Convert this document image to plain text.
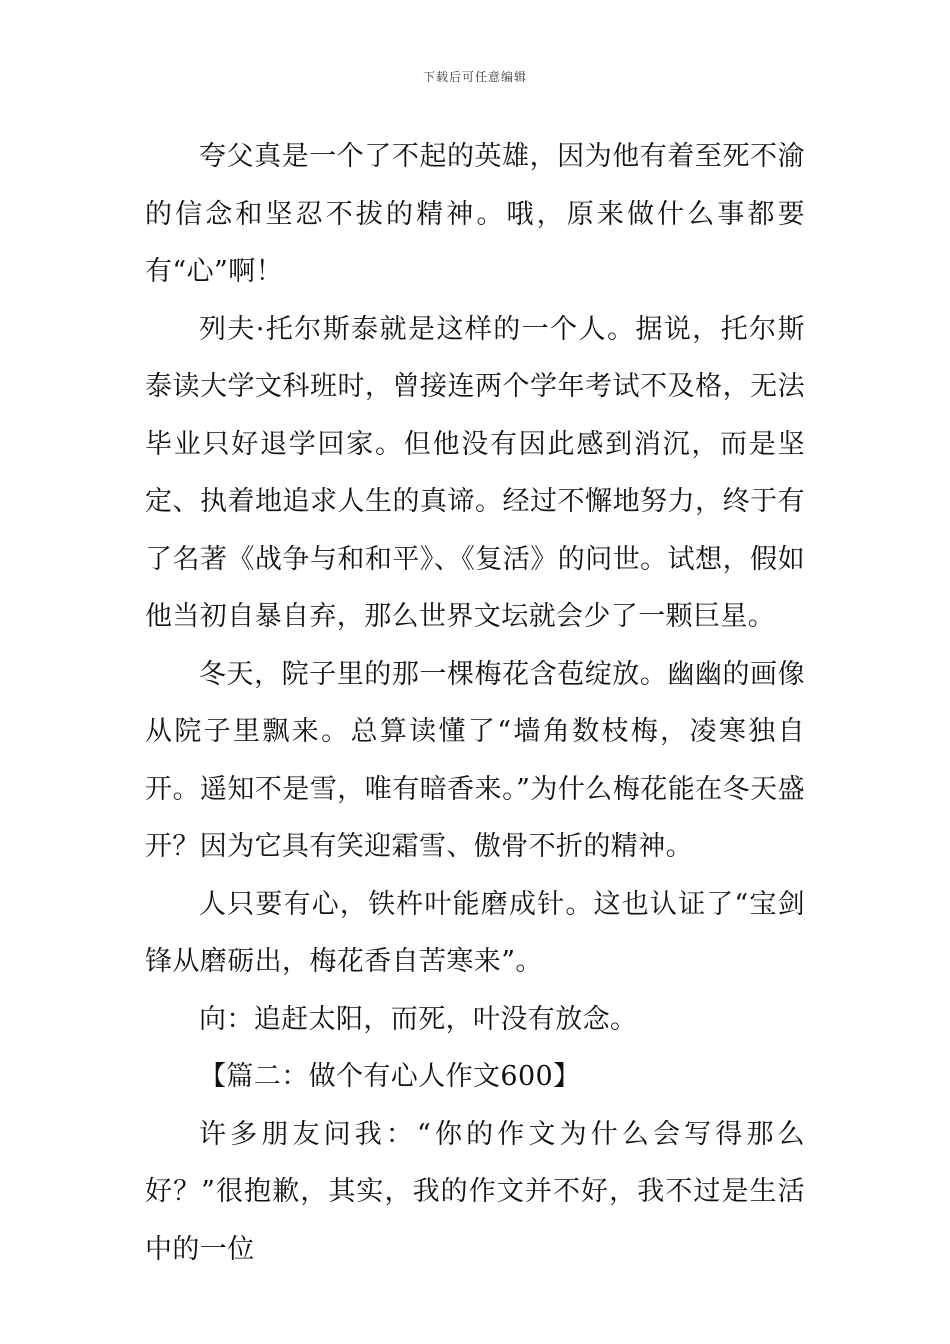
下载后可任意编辑

夸父真是一个了不起的英雄，因为他有着至死不渝的信念和坚忍不拔的精神。哦，原来做什么事都要有“心”啊！

列夫·托尔斯泰就是这样的一个人。据说，托尔斯泰读大学文科班时，曾接连两个学年考试不及格，无法毕业只好退学回家。但他没有因此感到消沉，而是坚定、执着地追求人生的真谛。经过不懈地努力，终于有了名著《战争与和和平》、《复活》的问世。试想，假如他当初自暴自弃，那么世界文坛就会少了一颗巨星。

冬天，院子里的那一棵梅花含苞绽放。幽幽的画像从院子里飘来。总算读懂了“墙角数枝梅，凌寒独自开。遥知不是雪，唯有暗香来。”为什么梅花能在冬天盛开？因为它具有笑迎霜雪、傲骨不折的精神。

人只要有心，铁杵叶能磨成针。这也认证了“宝剑锋从磨砺出，梅花香自苦寒来”。

向：追赶太阳，而死，叶没有放念。

【篇二：做个有心人作文600】

许多朋友问我：“你的作文为什么会写得那么好？”很抱歉，其实，我的作文并不好，我不过是生活中的一位
